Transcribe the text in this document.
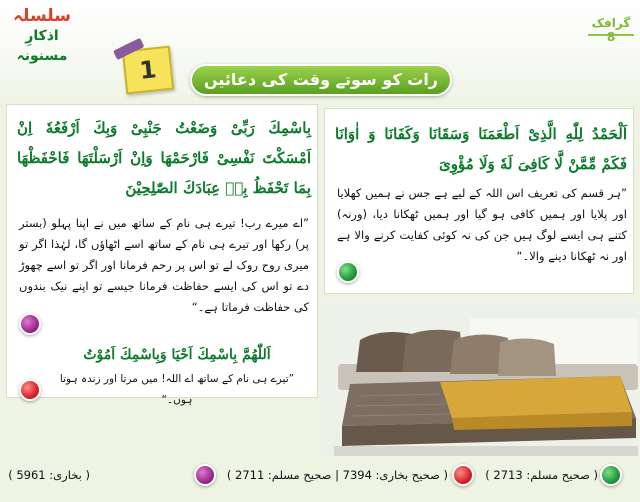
سلسلہ
اذکارِ مسنونہ
گرافک 8
1	رات کو سوتے وقت کی دعائیں
اَلْحَمْدُ لِلّٰهِ الَّذِیْ اَطْعَمَنَا وَسَقَانَا وَكَفَانَا وَ اٰوَانَا فَكَمْ مِّمَّنْ لَّا كَافِیَ لَهٗ وَلَا مُؤْوِیَ
”ہر قسم کی تعریف اس اللہ کے لیے ہے جس نے ہمیں کھلایا اور پلایا اور ہمیں کافی ہو گیا اور ہمیں ٹھکانا دیا، (ورنہ) کتنے ہی ایسے لوگ ہیں جن کی نہ کوئی کفایت کرنے والا ہے اور نہ ٹھکانا دینے والا۔“
بِاسْمِكَ رَبِّیْ وَضَعْتُ جَنْبِیْ وَبِكَ اَرْفَعُهٗ اِنْ اَمْسَكْتَ نَفْسِیْ فَارْحَمْهَا وَاِنْ اَرْسَلْتَهَا فَاحْفَظْهَا بِمَا تَحْفَظُ بِهٖ عِبَادَكَ الصّٰلِحِیْنَ
”اے میرے رب! تیرے ہی نام کے ساتھ میں نے اپنا پہلو (بستر پر) رکھا اور تیرے ہی نام کے ساتھ اسے اٹھاؤں گا، لہٰذا اگر تو میری روح روک لے تو اس پر رحم فرمانا اور اگر تو اسے چھوڑ دے تو اس کی ایسے حفاظت فرمانا جیسے تو اپنے نیک بندوں کی حفاظت فرماتا ہے۔“
اَللّٰهُمَّ بِاسْمِكَ اَحْیَا وَبِاسْمِكَ اَمُوْتُ
”تیرے ہی نام کے ساتھ اے اللہ! میں مرتا اور زندہ ہوتا ہوں۔“
( صحیح مسلم: 2713 )
( صحیح بخاری: 7394 | صحیح مسلم: 2711 )
( بخاری: 5961 )
